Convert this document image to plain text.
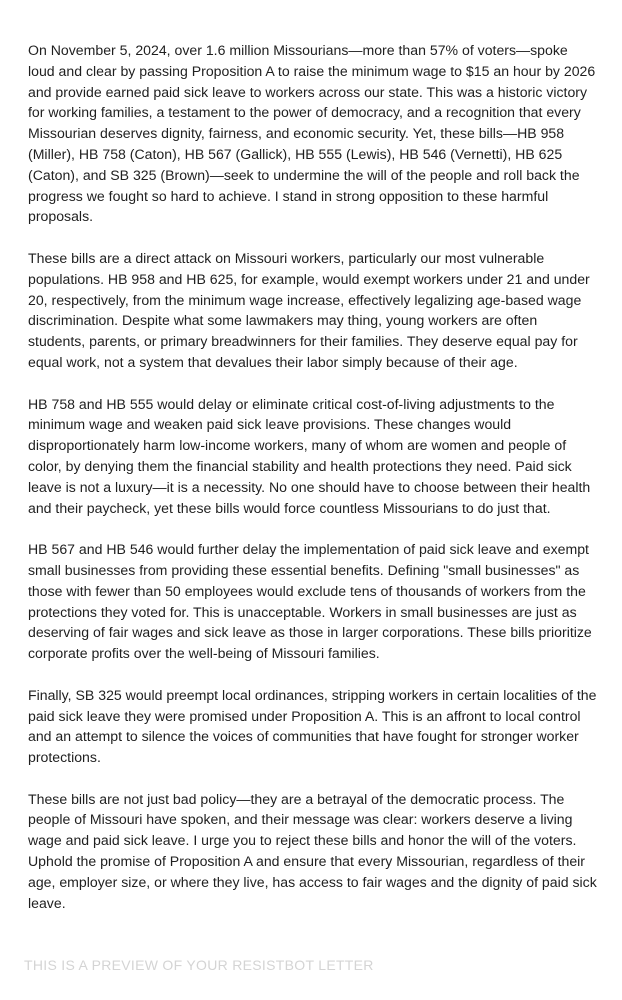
On November 5, 2024, over 1.6 million Missourians—more than 57% of voters—spoke loud and clear by passing Proposition A to raise the minimum wage to $15 an hour by 2026 and provide earned paid sick leave to workers across our state. This was a historic victory for working families, a testament to the power of democracy, and a recognition that every Missourian deserves dignity, fairness, and economic security. Yet, these bills—HB 958 (Miller), HB 758 (Caton), HB 567 (Gallick), HB 555 (Lewis), HB 546 (Vernetti), HB 625 (Caton), and SB 325 (Brown)—seek to undermine the will of the people and roll back the progress we fought so hard to achieve. I stand in strong opposition to these harmful proposals.

These bills are a direct attack on Missouri workers, particularly our most vulnerable populations. HB 958 and HB 625, for example, would exempt workers under 21 and under 20, respectively, from the minimum wage increase, effectively legalizing age-based wage discrimination. Despite what some lawmakers may thing, young workers are often students, parents, or primary breadwinners for their families. They deserve equal pay for equal work, not a system that devalues their labor simply because of their age.

HB 758 and HB 555 would delay or eliminate critical cost-of-living adjustments to the minimum wage and weaken paid sick leave provisions. These changes would disproportionately harm low-income workers, many of whom are women and people of color, by denying them the financial stability and health protections they need. Paid sick leave is not a luxury—it is a necessity. No one should have to choose between their health and their paycheck, yet these bills would force countless Missourians to do just that.

HB 567 and HB 546 would further delay the implementation of paid sick leave and exempt small businesses from providing these essential benefits. Defining "small businesses" as those with fewer than 50 employees would exclude tens of thousands of workers from the protections they voted for. This is unacceptable. Workers in small businesses are just as deserving of fair wages and sick leave as those in larger corporations. These bills prioritize corporate profits over the well-being of Missouri families.

Finally, SB 325 would preempt local ordinances, stripping workers in certain localities of the paid sick leave they were promised under Proposition A. This is an affront to local control and an attempt to silence the voices of communities that have fought for stronger worker protections.

These bills are not just bad policy—they are a betrayal of the democratic process. The people of Missouri have spoken, and their message was clear: workers deserve a living wage and paid sick leave. I urge you to reject these bills and honor the will of the voters. Uphold the promise of Proposition A and ensure that every Missourian, regardless of their age, employer size, or where they live, has access to fair wages and the dignity of paid sick leave.

THIS IS A PREVIEW OF YOUR RESISTBOT LETTER
